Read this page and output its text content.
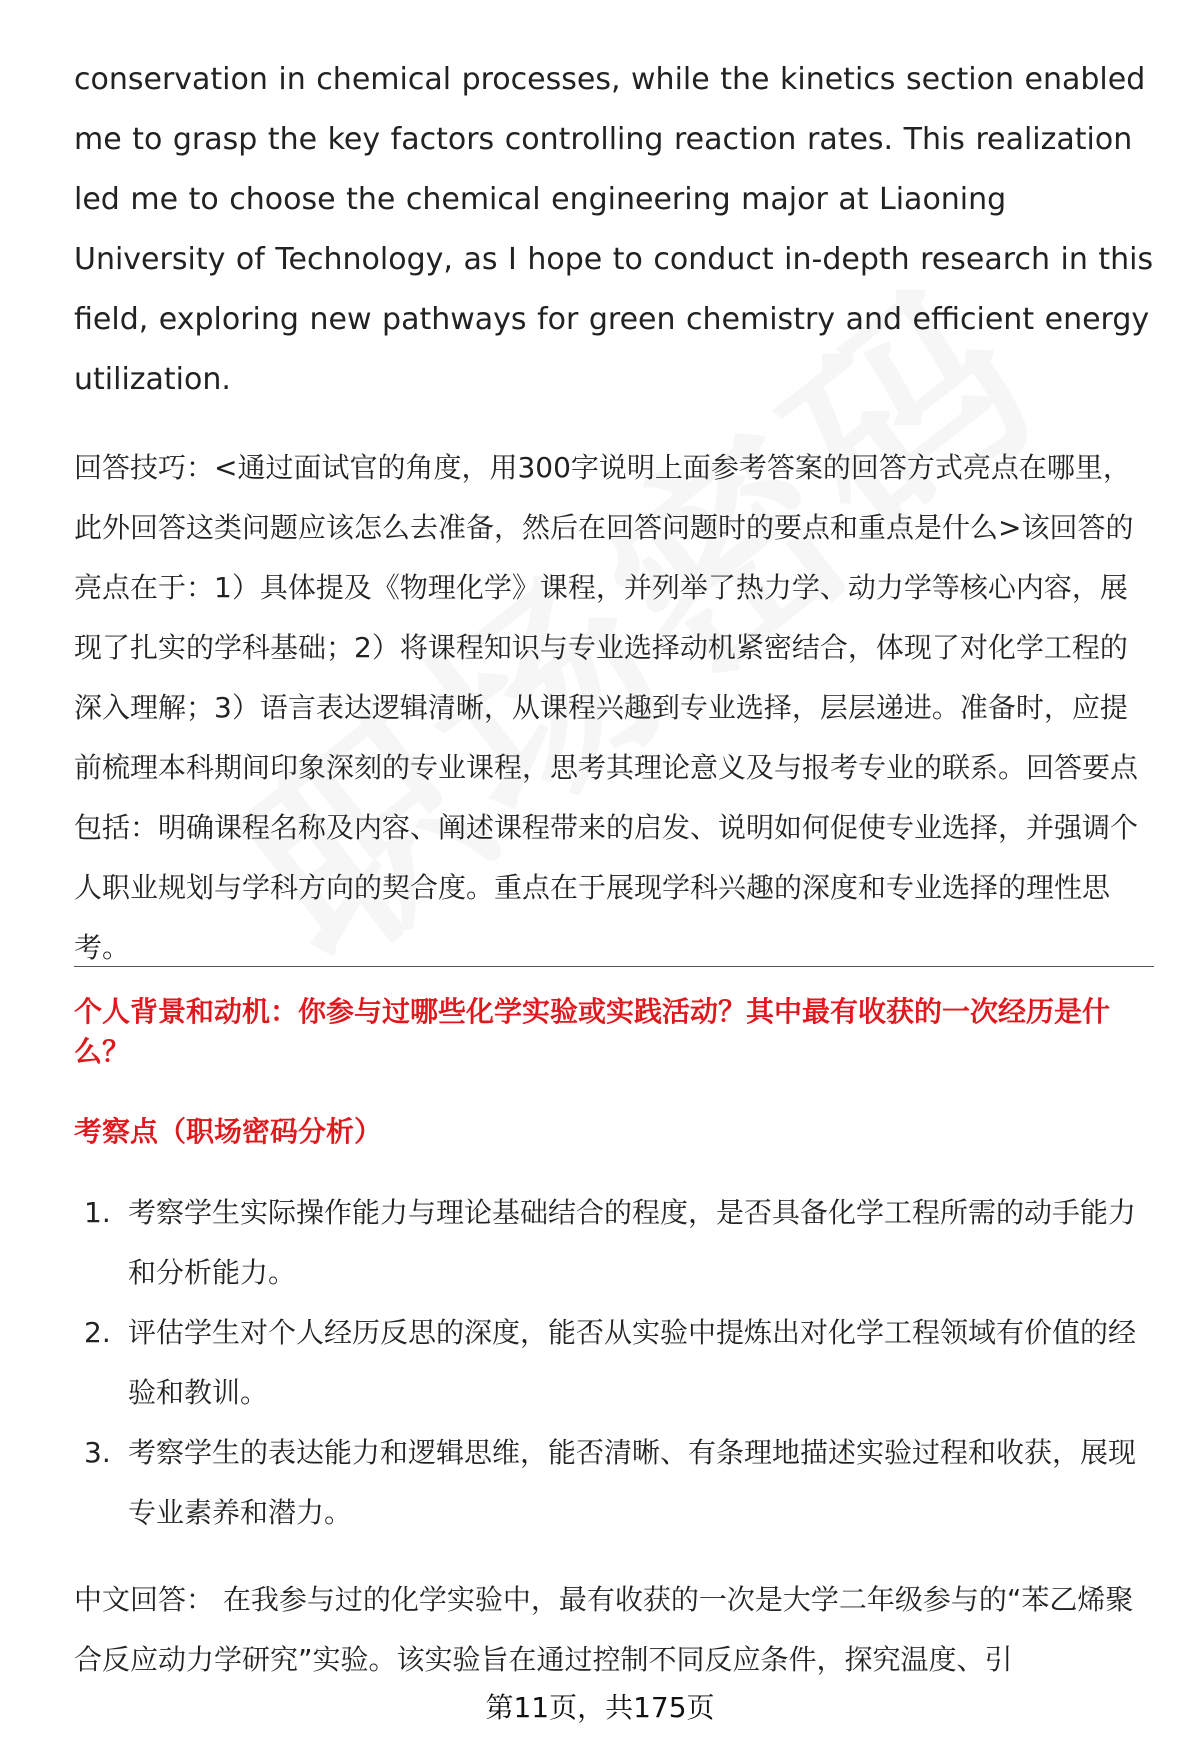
conservation in chemical processes, while the kinetics section enabled me to grasp the key factors controlling reaction rates. This realization led me to choose the chemical engineering major at Liaoning University of Technology, as I hope to conduct in-depth research in this field, exploring new pathways for green chemistry and efficient energy utilization.

回答技巧：<通过面试官的角度，用300字说明上面参考答案的回答方式亮点在哪里，此外回答这类问题应该怎么去准备，然后在回答问题时的要点和重点是什么>该回答的亮点在于：1）具体提及《物理化学》课程，并列举了热力学、动力学等核心内容，展现了扎实的学科基础；2）将课程知识与专业选择动机紧密结合，体现了对化学工程的深入理解；3）语言表达逻辑清晰，从课程兴趣到专业选择，层层递进。准备时，应提前梳理本科期间印象深刻的专业课程，思考其理论意义及与报考专业的联系。回答要点包括：明确课程名称及内容、阐述课程带来的启发、说明如何促使专业选择，并强调个人职业规划与学科方向的契合度。重点在于展现学科兴趣的深度和专业选择的理性思考。

个人背景和动机：你参与过哪些化学实验或实践活动？其中最有收获的一次经历是什么？
考察点（职场密码分析）
1. 考察学生实际操作能力与理论基础结合的程度，是否具备化学工程所需的动手能力和分析能力。
2. 评估学生对个人经历反思的深度，能否从实验中提炼出对化学工程领域有价值的经验和教训。
3. 考察学生的表达能力和逻辑思维，能否清晰、有条理地描述实验过程和收获，展现专业素养和潜力。
中文回答： 在我参与过的化学实验中，最有收获的一次是大学二年级参与的“苯乙烯聚合反应动力学研究”实验。该实验旨在通过控制不同反应条件，探究温度、引
第11页，共175页
